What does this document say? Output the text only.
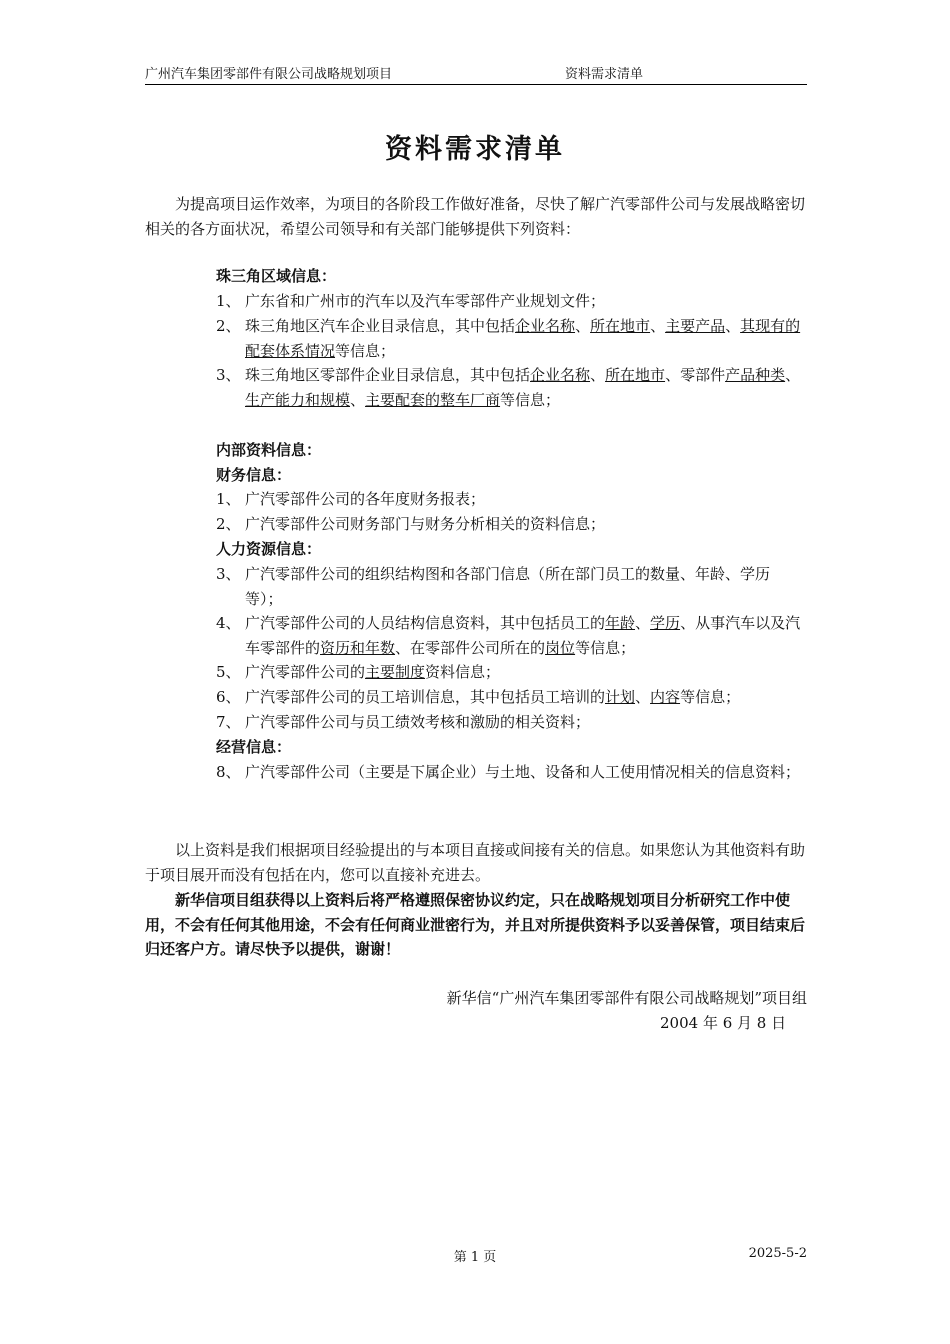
广州汽车集团零部件有限公司战略规划项目	资料需求清单
资料需求清单
为提高项目运作效率，为项目的各阶段工作做好准备，尽快了解广汽零部件公司与发展战略密切相关的各方面状况，希望公司领导和有关部门能够提供下列资料：
珠三角区域信息：
1、 广东省和广州市的汽车以及汽车零部件产业规划文件；
2、 珠三角地区汽车企业目录信息，其中包括企业名称、所在地市、主要产品、其现有的配套体系情况等信息；
3、 珠三角地区零部件企业目录信息，其中包括企业名称、所在地市、零部件产品种类、生产能力和规模、主要配套的整车厂商等信息；
内部资料信息：
财务信息：
1、 广汽零部件公司的各年度财务报表；
2、 广汽零部件公司财务部门与财务分析相关的资料信息；
人力资源信息：
3、 广汽零部件公司的组织结构图和各部门信息（所在部门员工的数量、年龄、学历等）；
4、 广汽零部件公司的人员结构信息资料，其中包括员工的年龄、学历、从事汽车以及汽车零部件的资历和年数、在零部件公司所在的岗位等信息；
5、 广汽零部件公司的主要制度资料信息；
6、 广汽零部件公司的员工培训信息，其中包括员工培训的计划、内容等信息；
7、 广汽零部件公司与员工绩效考核和激励的相关资料；
经营信息：
8、 广汽零部件公司（主要是下属企业）与土地、设备和人工使用情况相关的信息资料；
以上资料是我们根据项目经验提出的与本项目直接或间接有关的信息。如果您认为其他资料有助于项目展开而没有包括在内，您可以直接补充进去。
新华信项目组获得以上资料后将严格遵照保密协议约定，只在战略规划项目分析研究工作中使用，不会有任何其他用途，不会有任何商业泄密行为，并且对所提供资料予以妥善保管，项目结束后归还客户方。请尽快予以提供，谢谢！
新华信“广州汽车集团零部件有限公司战略规划”项目组
2004 年 6 月 8 日
第 1 页	2025-5-2
